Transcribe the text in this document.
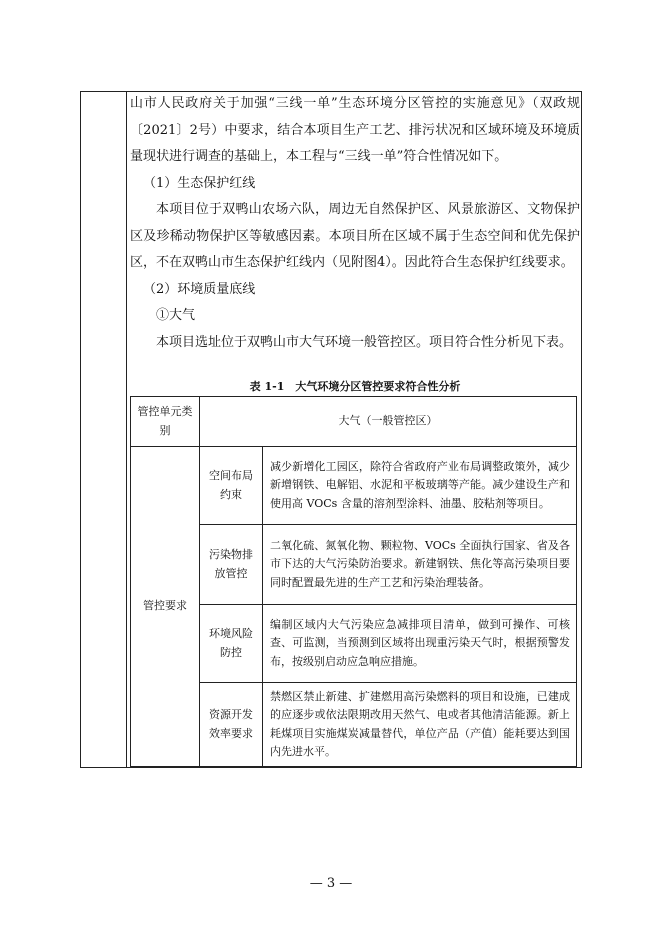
山市人民政府关于加强“三线一单”生态环境分区管控的实施意见》（双政规〔2021〕2号）中要求，结合本项目生产工艺、排污状况和区域环境及环境质量现状进行调查的基础上，本工程与“三线一单”符合性情况如下。

（1）生态保护红线

本项目位于双鸭山农场六队，周边无自然保护区、风景旅游区、文物保护区及珍稀动物保护区等敏感因素。本项目所在区域不属于生态空间和优先保护区，不在双鸭山市生态保护红线内（见附图4）。因此符合生态保护红线要求。

（2）环境质量底线

①大气

本项目选址位于双鸭山市大气环境一般管控区。项目符合性分析见下表。

表 1-1　大气环境分区管控要求符合性分析
管控单元类别	大气（一般管控区）	
管控要求	空间布局约束	减少新增化工园区，除符合省政府产业布局调整政策外，减少新增钢铁、电解铝、水泥和平板玻璃等产能。减少建设生产和使用高 VOCs 含量的溶剂型涂料、油墨、胶粘剂等项目。
	污染物排放管控	二氧化硫、氮氧化物、颗粒物、VOCs 全面执行国家、省及各市下达的大气污染防治要求。新建钢铁、焦化等高污染项目要同时配置最先进的生产工艺和污染治理装备。
	环境风险防控	编制区域内大气污染应急减排项目清单，做到可操作、可核查、可监测，当预测到区域将出现重污染天气时，根据预警发布，按级别启动应急响应措施。
	资源开发效率要求	禁燃区禁止新建、扩建燃用高污染燃料的项目和设施，已建成的应逐步或依法限期改用天然气、电或者其他清洁能源。新上耗煤项目实施煤炭减量替代，单位产品（产值）能耗要达到国内先进水平。
— 3 —
